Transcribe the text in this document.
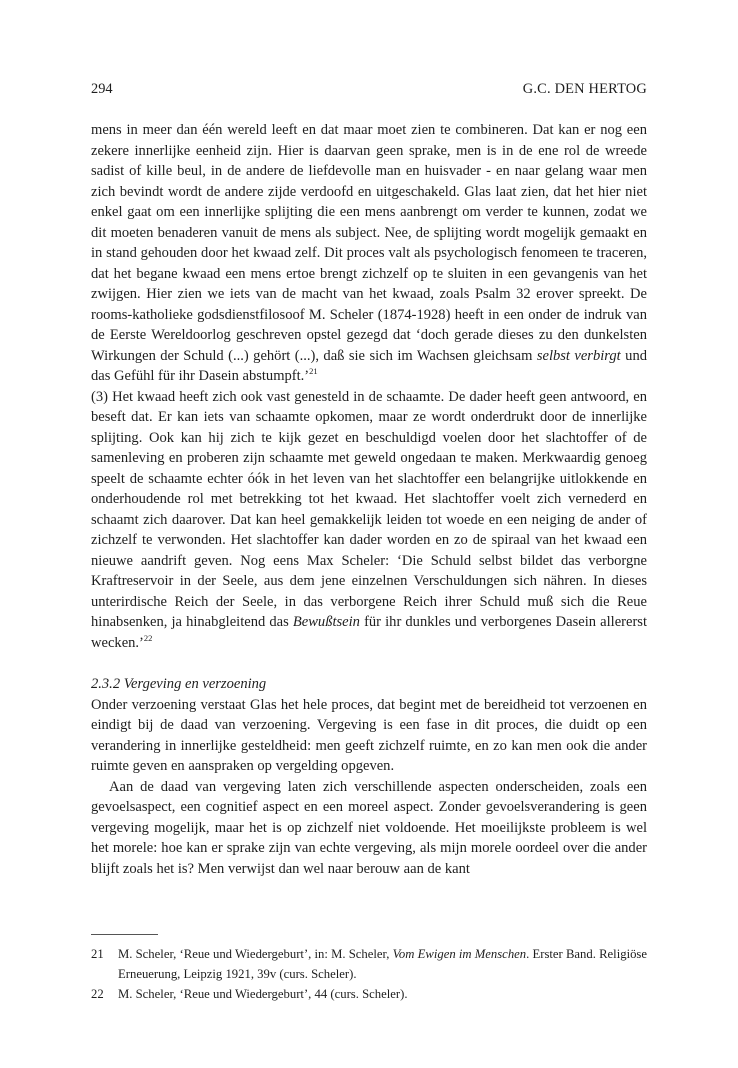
294	G.C. DEN HERTOG

mens in meer dan één wereld leeft en dat maar moet zien te combineren. Dat kan er nog een zekere innerlijke eenheid zijn. Hier is daarvan geen sprake, men is in de ene rol de wreede sadist of kille beul, in de andere de liefdevolle man en huisvader - en naar gelang waar men zich bevindt wordt de andere zijde verdoofd en uitgeschakeld. Glas laat zien, dat het hier niet enkel gaat om een innerlijke splijting die een mens aanbrengt om verder te kunnen, zodat we dit moeten benaderen vanuit de mens als subject. Nee, de splijting wordt mogelijk gemaakt en in stand gehouden door het kwaad zelf. Dit proces valt als psychologisch fenomeen te traceren, dat het begane kwaad een mens ertoe brengt zichzelf op te sluiten in een gevangenis van het zwijgen. Hier zien we iets van de macht van het kwaad, zoals Psalm 32 erover spreekt. De rooms-katholieke godsdienstfilosoof M. Scheler (1874-1928) heeft in een onder de indruk van de Eerste Wereldoorlog geschreven opstel gezegd dat ‘doch gerade dieses zu den dunkelsten Wirkungen der Schuld (...) gehört (...), daß sie sich im Wachsen gleichsam selbst verbirgt und das Gefühl für ihr Dasein abstumpft.’$^{21}$

(3) Het kwaad heeft zich ook vast genesteld in de schaamte. De dader heeft geen antwoord, en beseft dat. Er kan iets van schaamte opkomen, maar ze wordt onderdrukt door de innerlijke splijting. Ook kan hij zich te kijk gezet en beschuldigd voelen door het slachtoffer of de samenleving en proberen zijn schaamte met geweld ongedaan te maken. Merkwaardig genoeg speelt de schaamte echter óók in het leven van het slachtoffer een belangrijke uitlokkende en onderhoudende rol met betrekking tot het kwaad. Het slachtoffer voelt zich vernederd en schaamt zich daarover. Dat kan heel gemakkelijk leiden tot woede en een neiging de ander of zichzelf te verwonden. Het slachtoffer kan dader worden en zo de spiraal van het kwaad een nieuwe aandrift geven. Nog eens Max Scheler: ‘Die Schuld selbst bildet das verborgne Kraftreservoir in der Seele, aus dem jene einzelnen Verschuldungen sich nähren. In dieses unterirdische Reich der Seele, in das verborgene Reich ihrer Schuld muß sich die Reue hinabsenken, ja hinabgleitend das Bewußtsein für ihr dunkles und verborgenes Dasein allererst wecken.’$^{22}$

2.3.2 Vergeving en verzoening

Onder verzoening verstaat Glas het hele proces, dat begint met de bereidheid tot verzoenen en eindigt bij de daad van verzoening. Vergeving is een fase in dit proces, die duidt op een verandering in innerlijke gesteldheid: men geeft zichzelf ruimte, en zo kan men ook die ander ruimte geven en aanspraken op vergelding opgeven.

Aan de daad van vergeving laten zich verschillende aspecten onderscheiden, zoals een gevoelsaspect, een cognitief aspect en een moreel aspect. Zonder gevoelsverandering is geen vergeving mogelijk, maar het is op zichzelf niet voldoende. Het moeilijkste probleem is wel het morele: hoe kan er sprake zijn van echte vergeving, als mijn morele oordeel over die ander blijft zoals het is? Men verwijst dan wel naar berouw aan de kant

21 M. Scheler, ‘Reue und Wiedergeburt’, in: M. Scheler, Vom Ewigen im Menschen. Erster Band. Religiöse Erneuerung, Leipzig 1921, 39v (curs. Scheler).
22 M. Scheler, ‘Reue und Wiedergeburt’, 44 (curs. Scheler).
